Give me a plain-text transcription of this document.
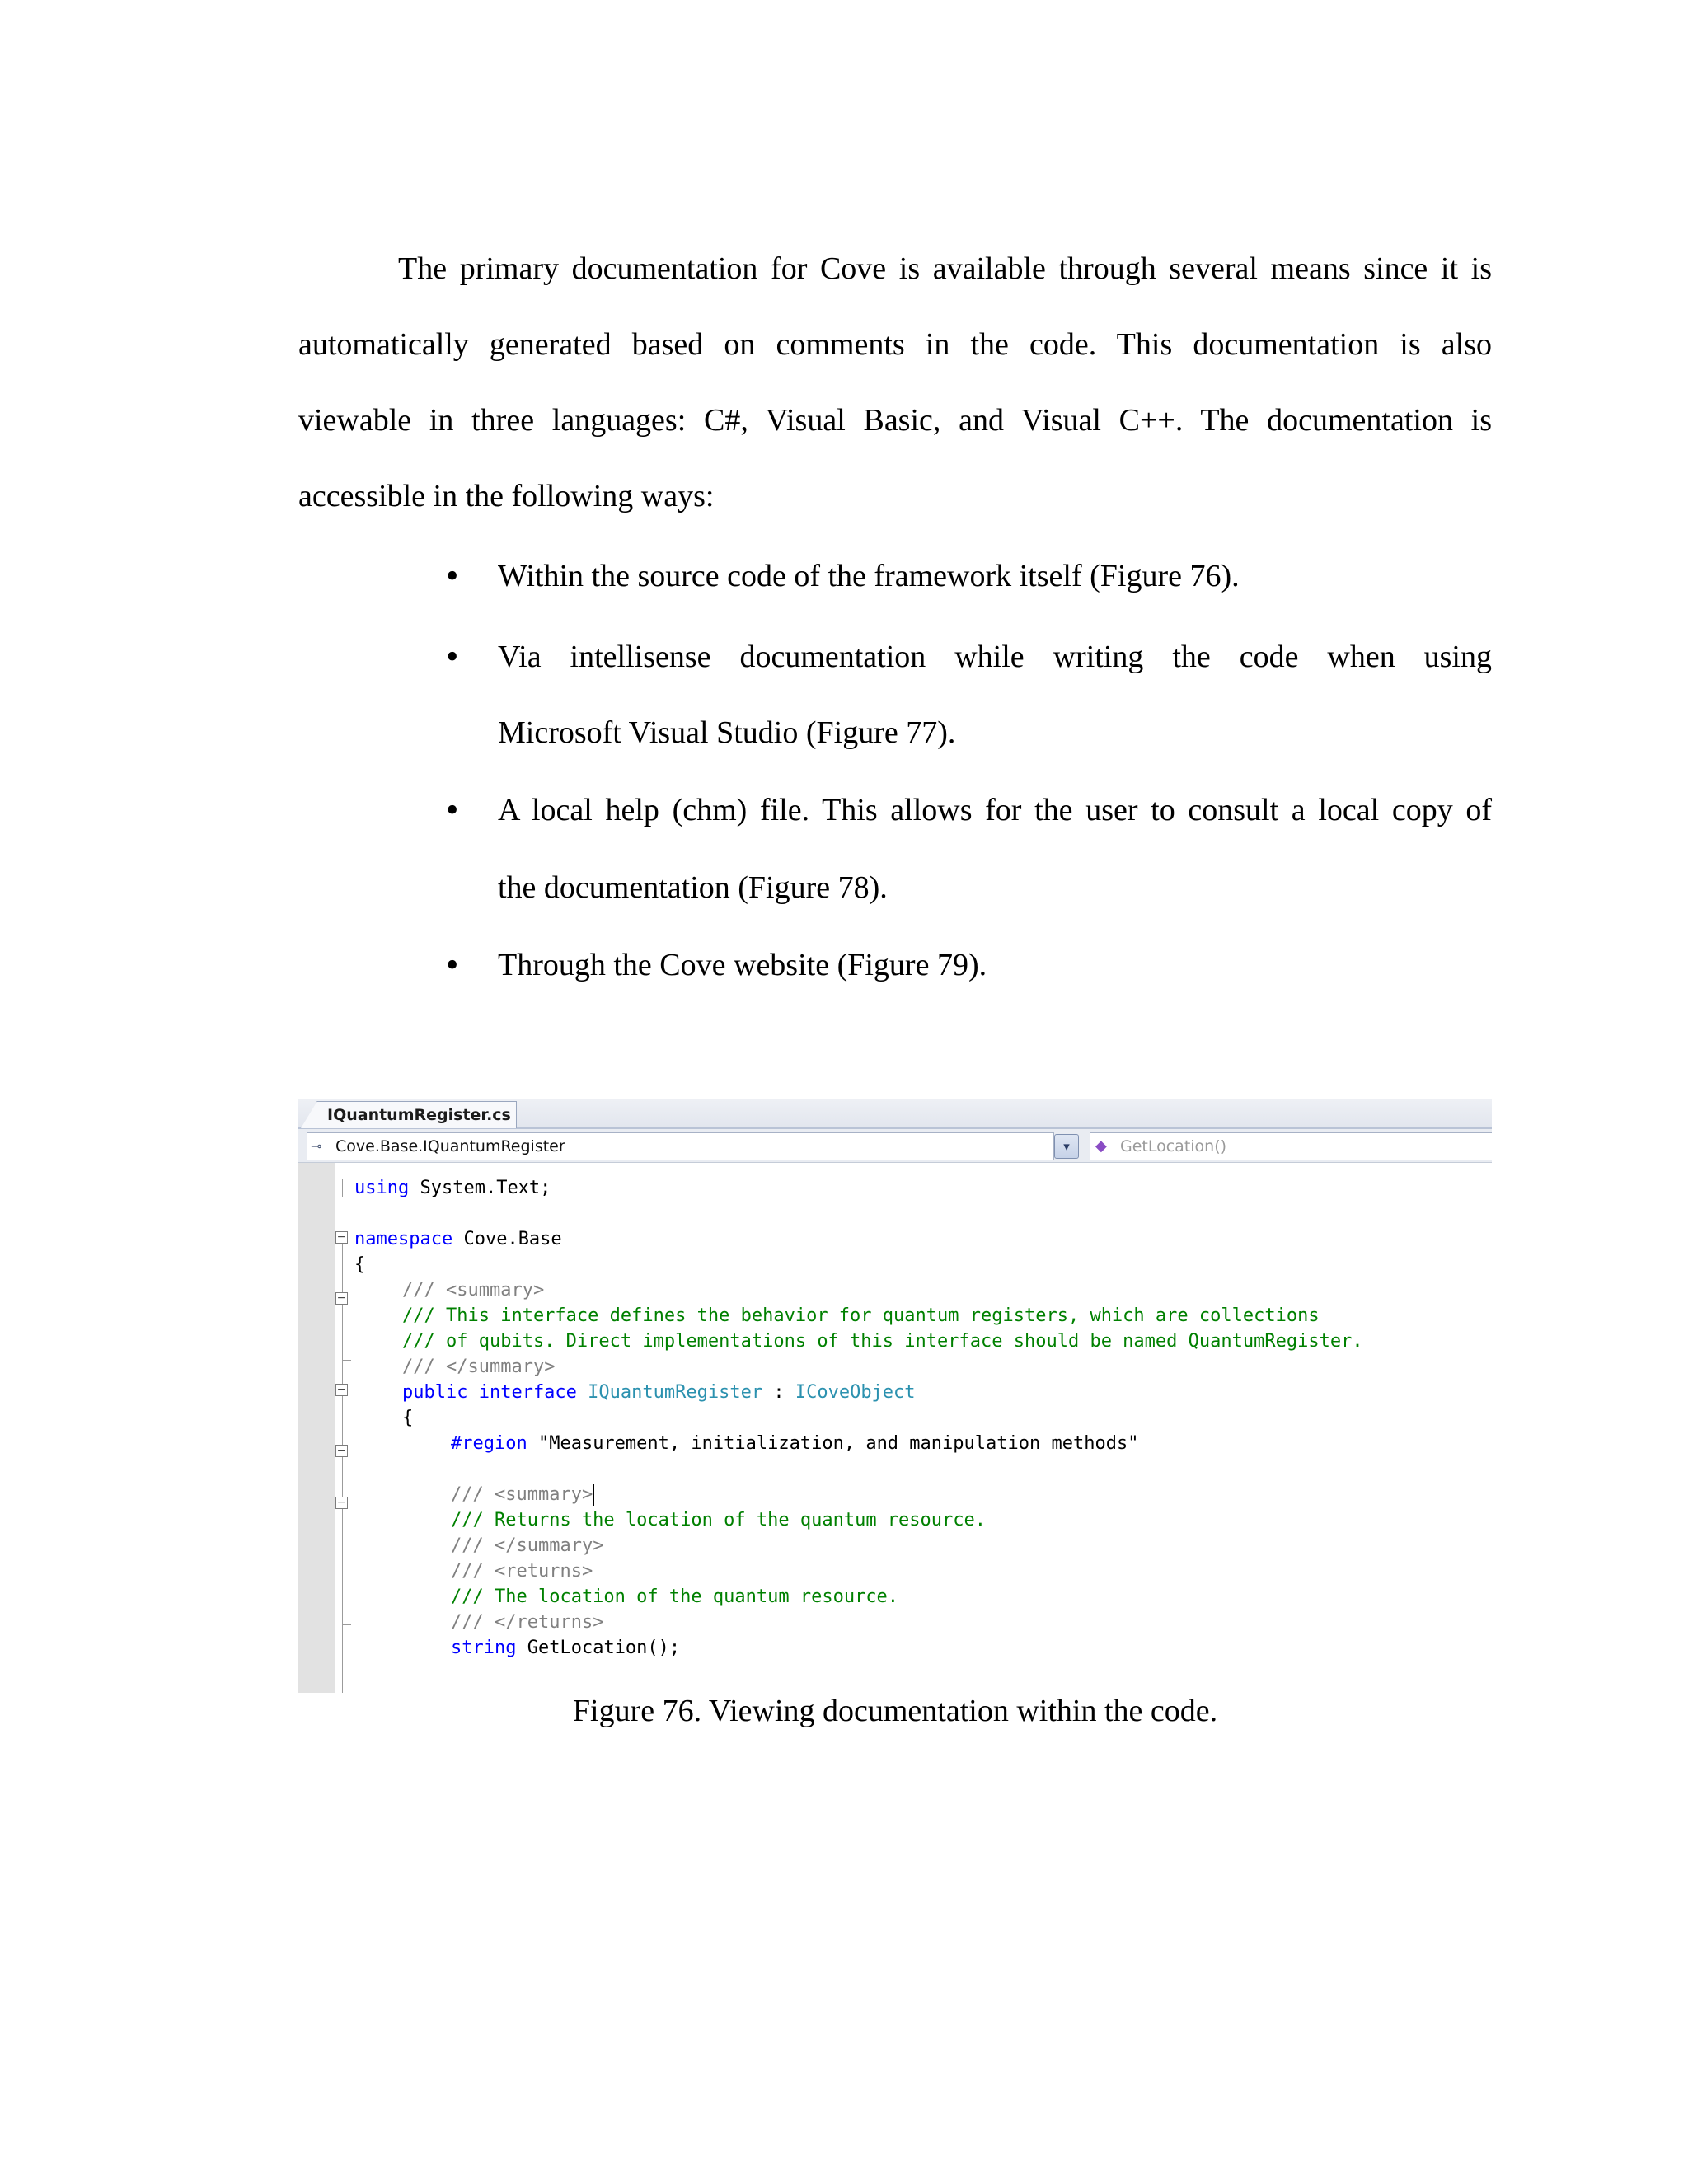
The primary documentation for Cove is available through several means since it is
automatically generated based on comments in the code. This documentation is also
viewable in three languages: C#, Visual Basic, and Visual C++. The documentation is
accessible in the following ways:
• Within the source code of the framework itself (Figure 76).
• Via intellisense documentation while writing the code when using
Microsoft Visual Studio (Figure 77).
• A local help (chm) file. This allows for the user to consult a local copy of
the documentation (Figure 78).
• Through the Cove website (Figure 79).
IQuantumRegister.cs
⊸ Cove.Base.IQuantumRegister	▾	◆ GetLocation()
−
−
−
−
−
using System.Text;
namespace Cove.Base
{
/// <summary>
/// This interface defines the behavior for quantum registers, which are collections
/// of qubits. Direct implementations of this interface should be named QuantumRegister.
/// </summary>
public interface IQuantumRegister : ICoveObject
{
#region "Measurement, initialization, and manipulation methods"
/// <summary>
/// Returns the location of the quantum resource.
/// </summary>
/// <returns>
/// The location of the quantum resource.
/// </returns>
string GetLocation();
Figure 76. Viewing documentation within the code.
